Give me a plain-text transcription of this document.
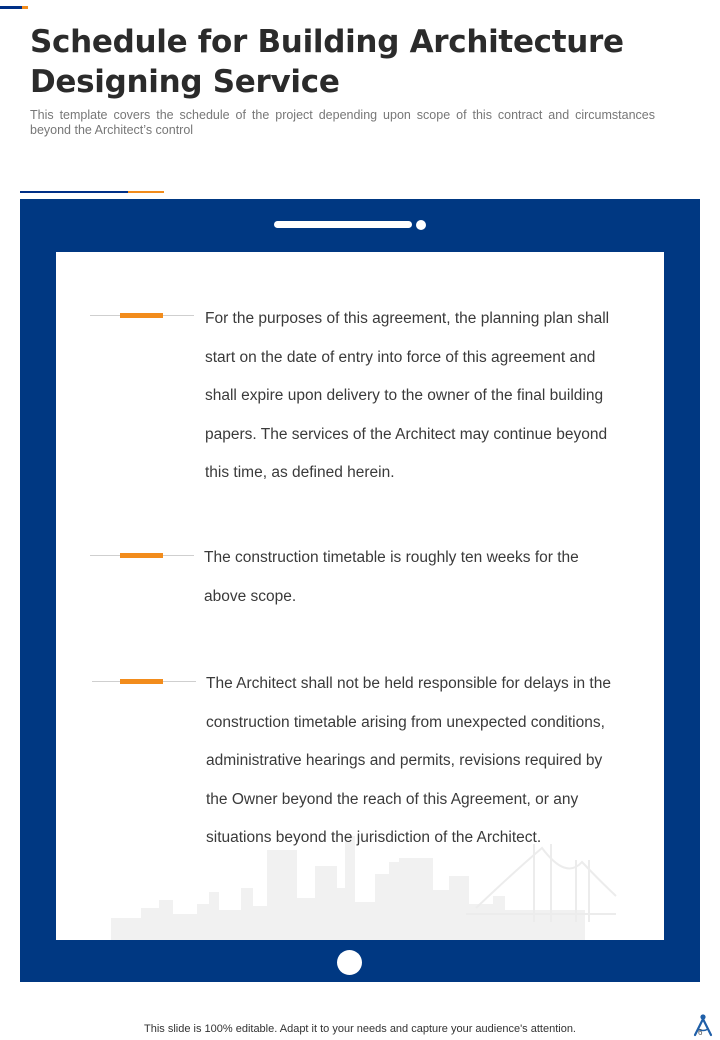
Schedule for Building Architecture Designing Service

This template covers the schedule of the project depending upon scope of this contract and circumstances beyond the Architect’s control

For the purposes of this agreement, the planning plan shall start on the date of entry into force of this agreement and shall expire upon delivery to the owner of the final building papers. The services of the Architect may continue beyond this time, as defined herein.

The construction timetable is roughly ten weeks for the above scope.

The Architect shall not be held responsible for delays in the construction timetable arising from unexpected conditions, administrative hearings and permits, revisions required by the Owner beyond the reach of this Agreement, or any situations beyond the jurisdiction of the Architect.

This slide is 100% editable. Adapt it to your needs and capture your audience's attention.	6
